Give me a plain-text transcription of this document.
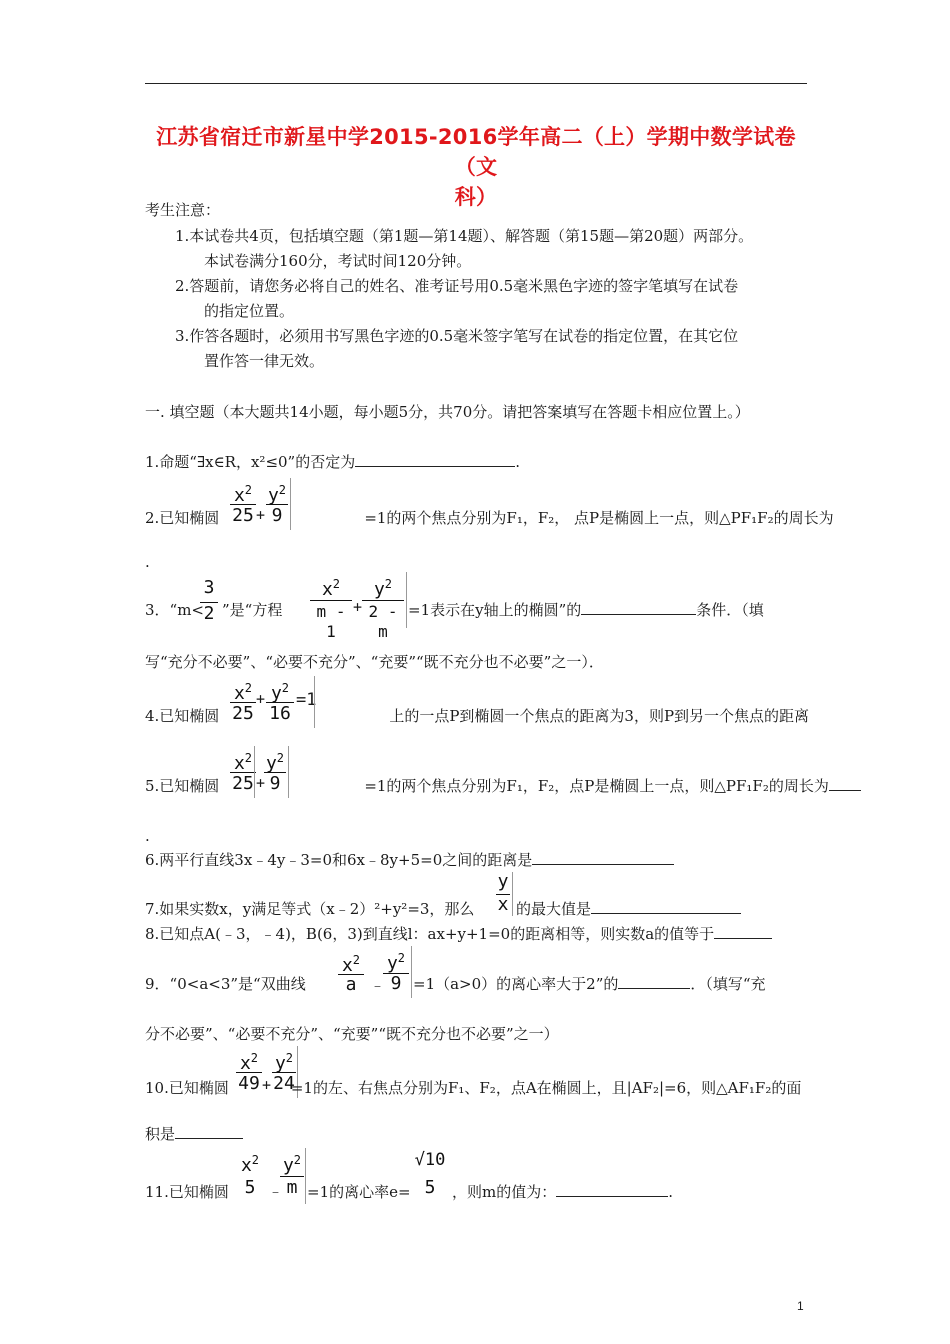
江苏省宿迁市新星中学2015-2016学年高二（上）学期中数学试卷（文
科）
考生注意：
1.本试卷共4页，包括填空题（第1题—第14题）、解答题（第15题—第20题）两部分。
本试卷满分160分，考试时间120分钟。
2.答题前，请您务必将自己的姓名、准考证号用0.5毫米黑色字迹的签字笔填写在试卷
的指定位置。
3.作答各题时，必须用书写黑色字迹的0.5毫米签字笔写在试卷的指定位置，在其它位
置作答一律无效。
一. 填空题（本大题共14小题，每小题5分，共70分。请把答案填写在答题卡相应位置上。）
1.命题“∃x∈R，x²≤0”的否定为	.
$x^2$
25 +
$y^2$
9
2.已知椭圆	=1的两个焦点分别为F₁，F₂， 点P是椭圆上一点，则△PF₁F₂的周长为
.
3．“m<
3
2 ”是“方程
$x^2$
m - 1
+
$y^2$
2 - m
=1表示在y轴上的椭圆”的	条件．（填
写“充分不必要”、“必要不充分”、“充要”“既不充分也不必要”之一）．
$x^2$
25
+ $y^2$
16
=1
4.已知椭圆	上的一点P到椭圆一个焦点的距离为3，则P到另一个焦点的距离
$x^2$
25 +
$y^2$
9
5.已知椭圆	=1的两个焦点分别为F₁，F₂，点P是椭圆上一点，则△PF₁F₂的周长为
.
6.两平行直线3x﹣4y﹣3=0和6x﹣8y+5=0之间的距离是
y
x
7.如果实数x，y满足等式（x﹣2）²+y²=3，那么	的最大值是
8.已知点A(﹣3，﹣4)，B(6，3)到直线l：ax+y+1=0的距离相等，则实数a的值等于
$x^2$
a ﹣
$y^2$
9
9．“0<a<3”是“双曲线	=1（a>0）的离心率大于2”的	．（填写“充
分不必要”、“必要不充分”、“充要”“既不充分也不必要”之一）
$x^2$
49 +
$y^2$
24
10.已知椭圆	=1的左、右焦点分别为F₁、F₂，点A在椭圆上，且|AF₂|=6，则△AF₁F₂的面
积是
$x^2$
5 ﹣
$y^2$
m
√10
5
11.已知椭圆	=1的离心率e=	，则m的值为：	.
1
